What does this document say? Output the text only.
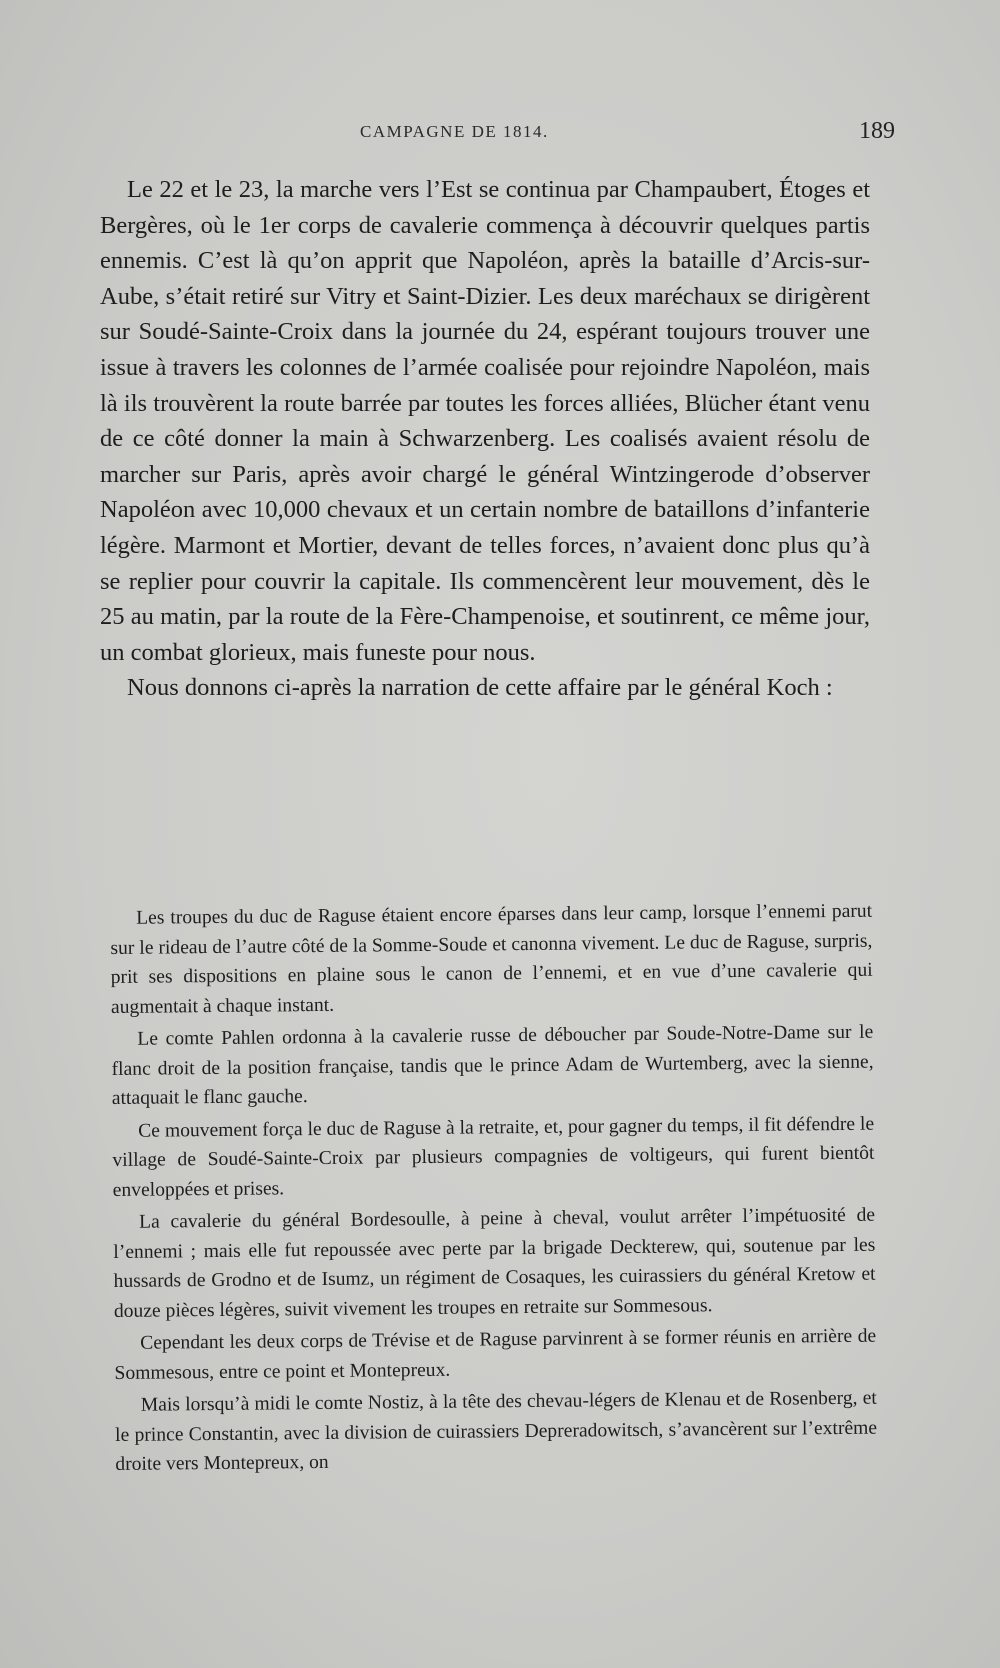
CAMPAGNE DE 1814.	189

Le 22 et le 23, la marche vers l’Est se continua par Champaubert, Étoges et Bergères, où le 1er corps de cavalerie commença à découvrir quelques partis ennemis. C’est là qu’on apprit que Napoléon, après la bataille d’Arcis-sur-Aube, s’était retiré sur Vitry et Saint-Dizier. Les deux maréchaux se dirigèrent sur Soudé-Sainte-Croix dans la journée du 24, espérant toujours trouver une issue à travers les colonnes de l’armée coalisée pour rejoindre Napoléon, mais là ils trouvèrent la route barrée par toutes les forces alliées, Blücher étant venu de ce côté donner la main à Schwarzenberg. Les coalisés avaient résolu de marcher sur Paris, après avoir chargé le général Wintzingerode d’observer Napoléon avec 10,000 chevaux et un certain nombre de bataillons d’infanterie légère. Marmont et Mortier, devant de telles forces, n’avaient donc plus qu’à se replier pour couvrir la capitale. Ils commencèrent leur mouvement, dès le 25 au matin, par la route de la Fère-Champenoise, et soutinrent, ce même jour, un combat glorieux, mais funeste pour nous.

Nous donnons ci-après la narration de cette affaire par le général Koch :

Les troupes du duc de Raguse étaient encore éparses dans leur camp, lorsque l’ennemi parut sur le rideau de l’autre côté de la Somme-Soude et canonna vivement. Le duc de Raguse, surpris, prit ses dispositions en plaine sous le canon de l’ennemi, et en vue d’une cavalerie qui augmentait à chaque instant.

Le comte Pahlen ordonna à la cavalerie russe de déboucher par Soude-Notre-Dame sur le flanc droit de la position française, tandis que le prince Adam de Wurtemberg, avec la sienne, attaquait le flanc gauche.

Ce mouvement força le duc de Raguse à la retraite, et, pour gagner du temps, il fit défendre le village de Soudé-Sainte-Croix par plusieurs compagnies de voltigeurs, qui furent bientôt enveloppées et prises.

La cavalerie du général Bordesoulle, à peine à cheval, voulut arrêter l’impétuosité de l’ennemi ; mais elle fut repoussée avec perte par la brigade Deckterew, qui, soutenue par les hussards de Grodno et de Isumz, un régiment de Cosaques, les cuirassiers du général Kretow et douze pièces légères, suivit vivement les troupes en retraite sur Sommesous.

Cependant les deux corps de Trévise et de Raguse parvinrent à se former réunis en arrière de Sommesous, entre ce point et Montepreux.

Mais lorsqu’à midi le comte Nostiz, à la tête des chevau-légers de Klenau et de Rosenberg, et le prince Constantin, avec la division de cuirassiers Depreradowitsch, s’avancèrent sur l’extrême droite vers Montepreux, on
